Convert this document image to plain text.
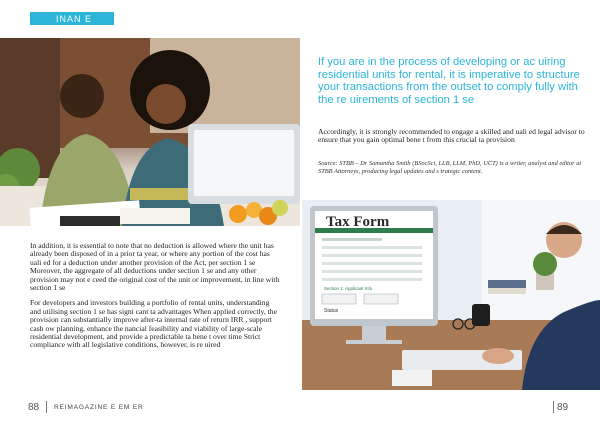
INAN E

In addition, it is essential to note that no deduction is allowed where the unit has already been disposed of in a prior ta year, or where any portion of the cost has uali ed for a deduction under another provision of the Act, per section 1 se Moreover, the aggregate of all deductions under section 1 se and any other provision may not e ceed the original cost of the unit or improvement, in line with section 1 se

For developers and investors building a portfolio of rental units, understanding and utilising section 1 se has signi cant ta advantages When applied correctly, the provision can substantially improve after-ta internal rate of return IRR , support cash ow planning, enhance the nancial feasibility and viability of large-scale residential development, and provide a predictable ta bene t over time Strict compliance with all legislative conditions, however, is re uired

If you are in the process of developing or ac uiring residential units for rental, it is imperative to structure your transactions from the outset to comply fully with the re uirements of section 1 se
Accordingly, it is strongly recommended to engage a skilled and uali ed legal advisor to ensure that you gain optimal bene t from this crucial ta provision
Source: STBB – Dr Samantha Smith (BSocSci, LLB, LLM, PhD, UCT) is a writer, analyst and editor at STBB Attorneys, producing legal updates and s trategic content.
Tax Form
Section 1: Applicant Info
Status
88 REIMAGAZINE E EM ER	89
